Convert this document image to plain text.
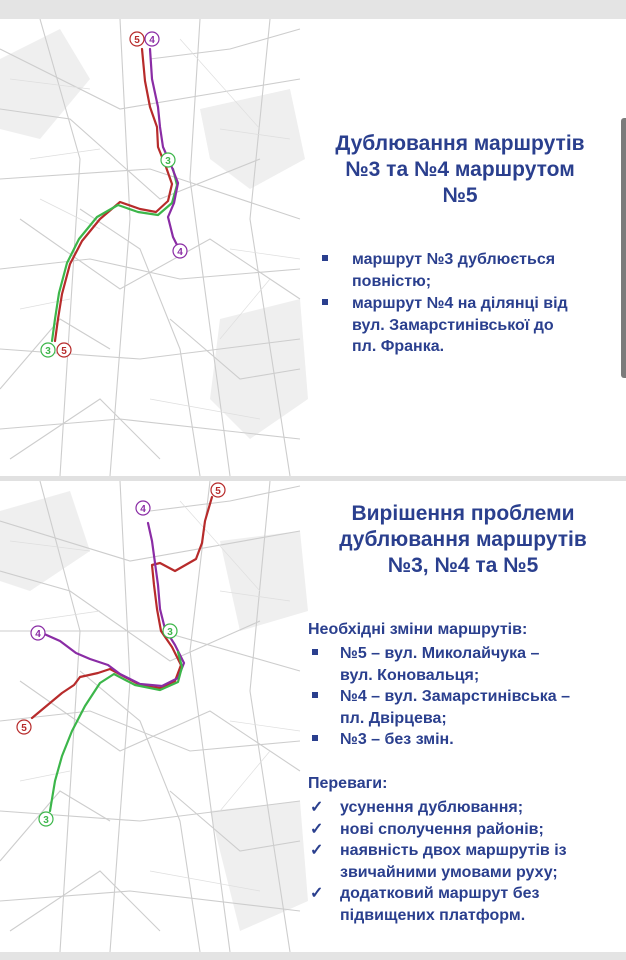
5 4
3
4
3 5
Дублювання маршрутів
№3 та №4 маршрутом
№5
маршрут №3 дублюється
повністю;
маршрут №4 на ділянці від
вул. Замарстинівської до
пл. Франка.
4
5
3
4
5
3
Вирішення проблеми
дублювання маршрутів
№3, №4 та №5

Необхідні зміни маршрутів:

№5 – вул. Миколайчука –
вул. Коновальця;
№4 – вул. Замарстинівська –
пл. Двірцева;
№3 – без змін.

Переваги:

✓ усунення дублювання;
✓ нові сполучення районів;
✓ наявність двох маршрутів із
звичайними умовами руху;
✓ додатковий маршрут без
підвищених платформ.
